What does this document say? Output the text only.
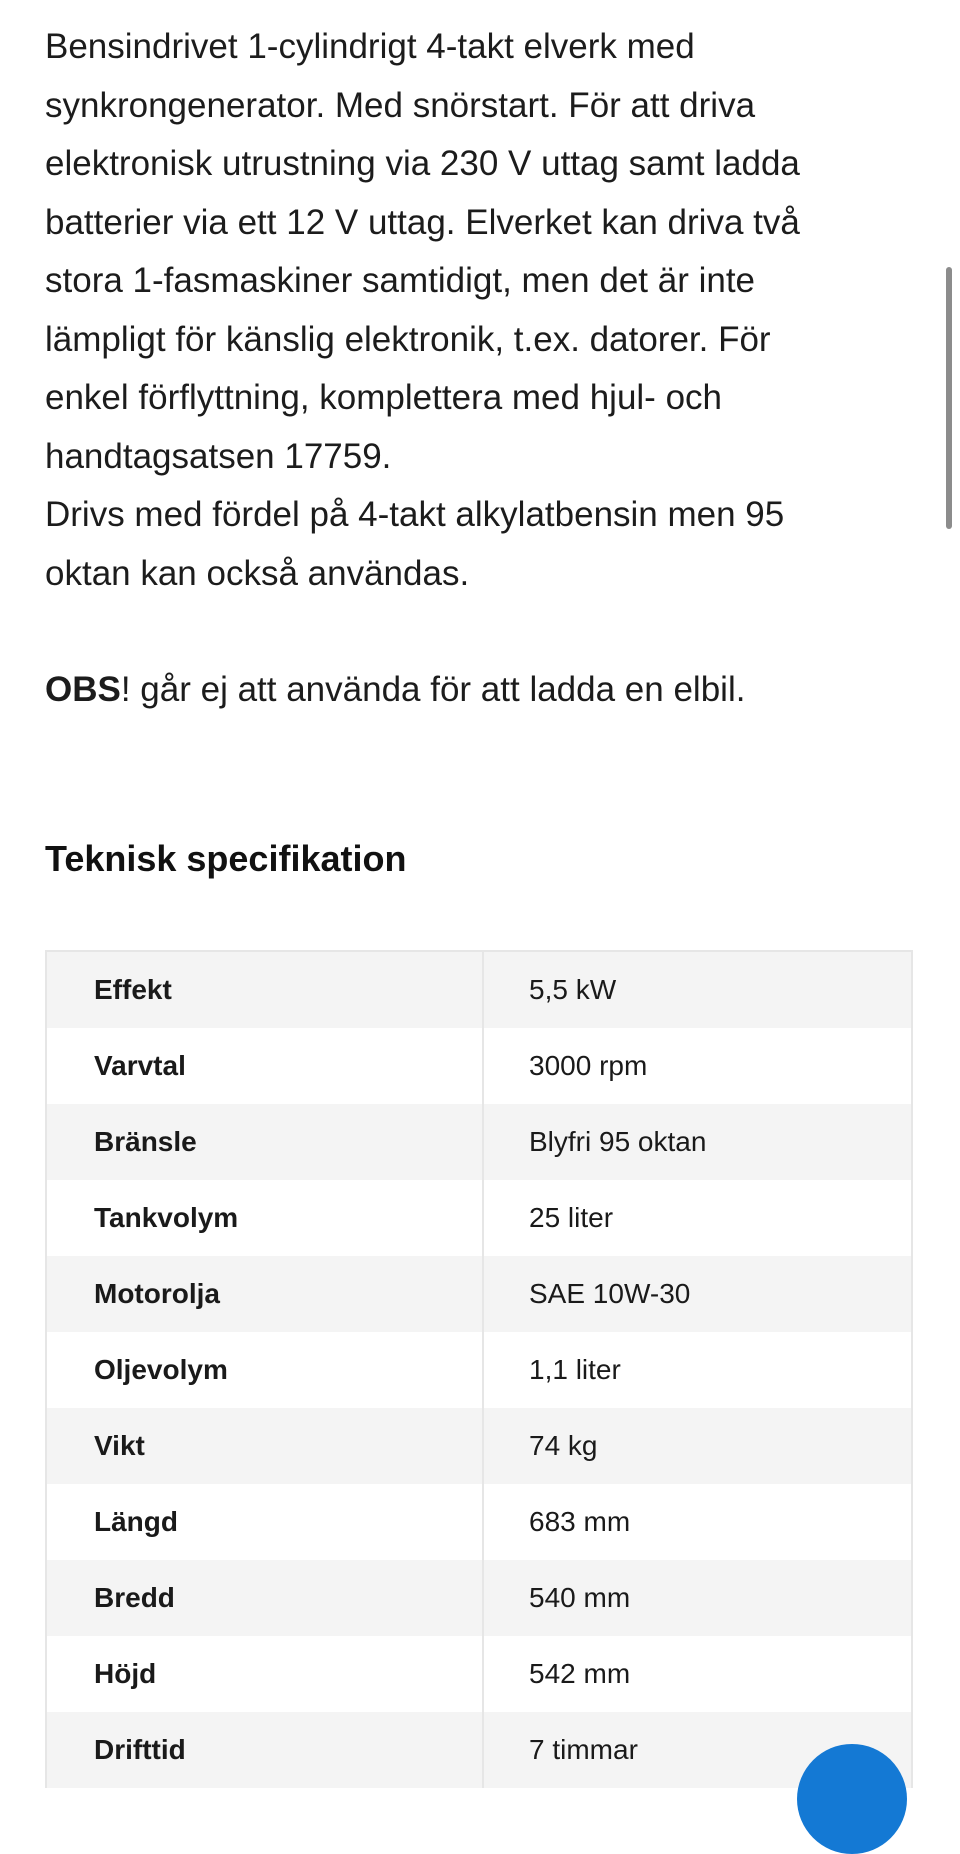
Bensindrivet 1-cylindrigt 4-takt elverk med
synkrongenerator. Med snörstart. För att driva
elektronisk utrustning via 230 V uttag samt ladda
batterier via ett 12 V uttag. Elverket kan driva två
stora 1-fasmaskiner samtidigt, men det är inte
lämpligt för känslig elektronik, t.ex. datorer. För
enkel förflyttning, komplettera med hjul- och
handtagsatsen 17759.
Drivs med fördel på 4-takt alkylatbensin men 95
oktan kan också användas.

OBS! går ej att använda för att ladda en elbil.

Teknisk specifikation
Effekt	5,5 kW
Varvtal	3000 rpm
Bränsle	Blyfri 95 oktan
Tankvolym	25 liter
Motorolja	SAE 10W-30
Oljevolym	1,1 liter
Vikt	74 kg
Längd	683 mm
Bredd	540 mm
Höjd	542 mm
Drifttid	7 timmar
